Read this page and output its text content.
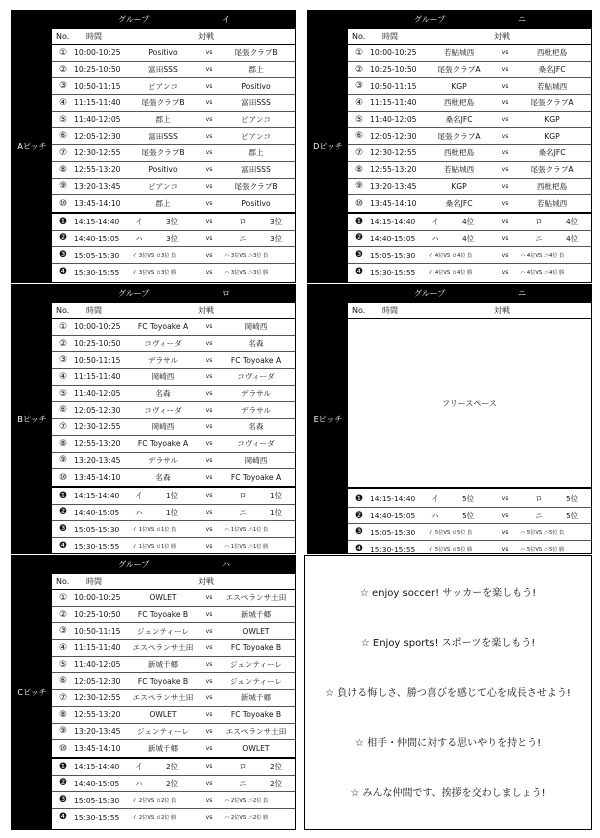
Aピッチ
グループ	イ
No. 時間	対戦
① 10:00-10:25	Positivo	vs	尾張クラブB
② 10:25-10:50	富田SSS	vs	郡上
③ 10:50-11:15	ピアンコ	vs	Positivo
④ 11:15-11:40	尾張クラブB	vs	富田SSS
⑤ 11:40-12:05	郡上	vs	ピアンコ
⑥ 12:05-12:30	富田SSS	vs	ピアンコ
⑦ 12:30-12:55	尾張クラブB	vs	郡上
⑧ 12:55-13:20	Positivo	vs	富田SSS
⑨ 13:20-13:45	ピアンコ	vs	尾張クラブB
⑩ 13:45-14:10	郡上	vs	Positivo
❶ 14:15-14:40	イ	3位	vs	ロ	3位
❷ 14:40-15:05	ハ	3位	vs	ニ	3位
❸ 15:05-15:30	イ 3位VS ロ3位 負	vs	ハ 3位VS ニ3位 負
❹ 15:30-15:55	イ 3位VS ロ3位 勝	vs	ハ 3位VS ニ3位 勝
Dピッチ
グループ	ニ
No. 時間	対戦
① 10:00-10:25	若鮎城西	vs	西枇杷島
② 10:25-10:50	尾張クラブA	vs	桑名JFC
③ 10:50-11:15	KGP	vs	若鮎城西
④ 11:15-11:40	西枇杷島	vs	尾張クラブA
⑤ 11:40-12:05	桑名JFC	vs	KGP
⑥ 12:05-12:30	尾張クラブA	vs	KGP
⑦ 12:30-12:55	西枇杷島	vs	桑名JFC
⑧ 12:55-13:20	若鮎城西	vs	尾張クラブA
⑨ 13:20-13:45	KGP	vs	西枇杷島
⑩ 13:45-14:10	桑名JFC	vs	若鮎城西
❶ 14:15-14:40	イ	4位	vs	ロ	4位
❷ 14:40-15:05	ハ	4位	vs	ニ	4位
❸ 15:05-15:30	イ 4位VS ロ4位 負	vs	ハ 4位VS ニ4位 負
❹ 15:30-15:55	イ 4位VS ロ4位 勝	vs	ハ 4位VS ニ4位 勝
Bピッチ
グループ	ロ
No. 時間	対戦
① 10:00-10:25	FC Toyoake A	vs	岡崎西
② 10:25-10:50	コヴィーダ	vs	名森
③ 10:50-11:15	デラサル	vs	FC Toyoake A
④ 11:15-11:40	岡崎西	vs	コヴィーダ
⑤ 11:40-12:05	名森	vs	デラサル
⑥ 12:05-12:30	コヴィーダ	vs	デラサル
⑦ 12:30-12:55	岡崎西	vs	名森
⑧ 12:55-13:20	FC Toyoake A	vs	コヴィーダ
⑨ 13:20-13:45	デラサル	vs	岡崎西
⑩ 13:45-14:10	名森	vs	FC Toyoake A
❶ 14:15-14:40	イ	1位	vs	ロ	1位
❷ 14:40-15:05	ハ	1位	vs	ニ	1位
❸ 15:05-15:30	イ 1位VS ロ1位 負	vs	ハ 1位VS ニ1位 負
❹ 15:30-15:55	イ 1位VS ロ1位 勝	vs	ハ 1位VS ニ1位 勝
Eピッチ
グループ	ニ
No. 時間	対戦
フリースペース
❶ 14:15-14:40	イ	5位	vs	ロ	5位
❷ 14:40-15:05	ハ	5位	vs	ニ	5位
❸ 15:05-15:30	イ 5位VS ロ5位 負	vs	ハ 5位VS ニ5位 負
❹ 15:30-15:55	イ 5位VS ロ5位 勝	vs	ハ 5位VS ニ5位 勝
Cピッチ
グループ	ハ
No. 時間	対戦
① 10:00-10:25	OWLET	vs	エスペランサ土田
② 10:25-10:50	FC Toyoake B	vs	新城千郷
③ 10:50-11:15	ジェンティーレ	vs	OWLET
④ 11:15-11:40	エスペランサ土田	vs	FC Toyoake B
⑤ 11:40-12:05	新城千郷	vs	ジェンティーレ
⑥ 12:05-12:30	FC Toyoake B	vs	ジェンティーレ
⑦ 12:30-12:55	エスペランサ土田	vs	新城千郷
⑧ 12:55-13:20	OWLET	vs	FC Toyoake B
⑨ 13:20-13:45	ジェンティーレ	vs	エスペランサ土田
⑩ 13:45-14:10	新城千郷	vs	OWLET
❶ 14:15-14:40	イ	2位	vs	ロ	2位
❷ 14:40-15:05	ハ	2位	vs	ニ	2位
❸ 15:05-15:30	イ 2位VS ロ2位 負	vs	ハ 2位VS ニ2位 負
❹ 15:30-15:55	イ 2位VS ロ2位 勝	vs	ハ 2位VS ニ2位 勝
☆ enjoy soccer! サッカーを楽しもう!
☆ Enjoy sports! スポーツを楽しもう!
☆ 負ける悔しさ、勝つ喜びを感じて心を成長させよう!
☆ 相手・仲間に対する思いやりを持とう!
☆ みんな仲間です、挨拶を交わしましょう!
